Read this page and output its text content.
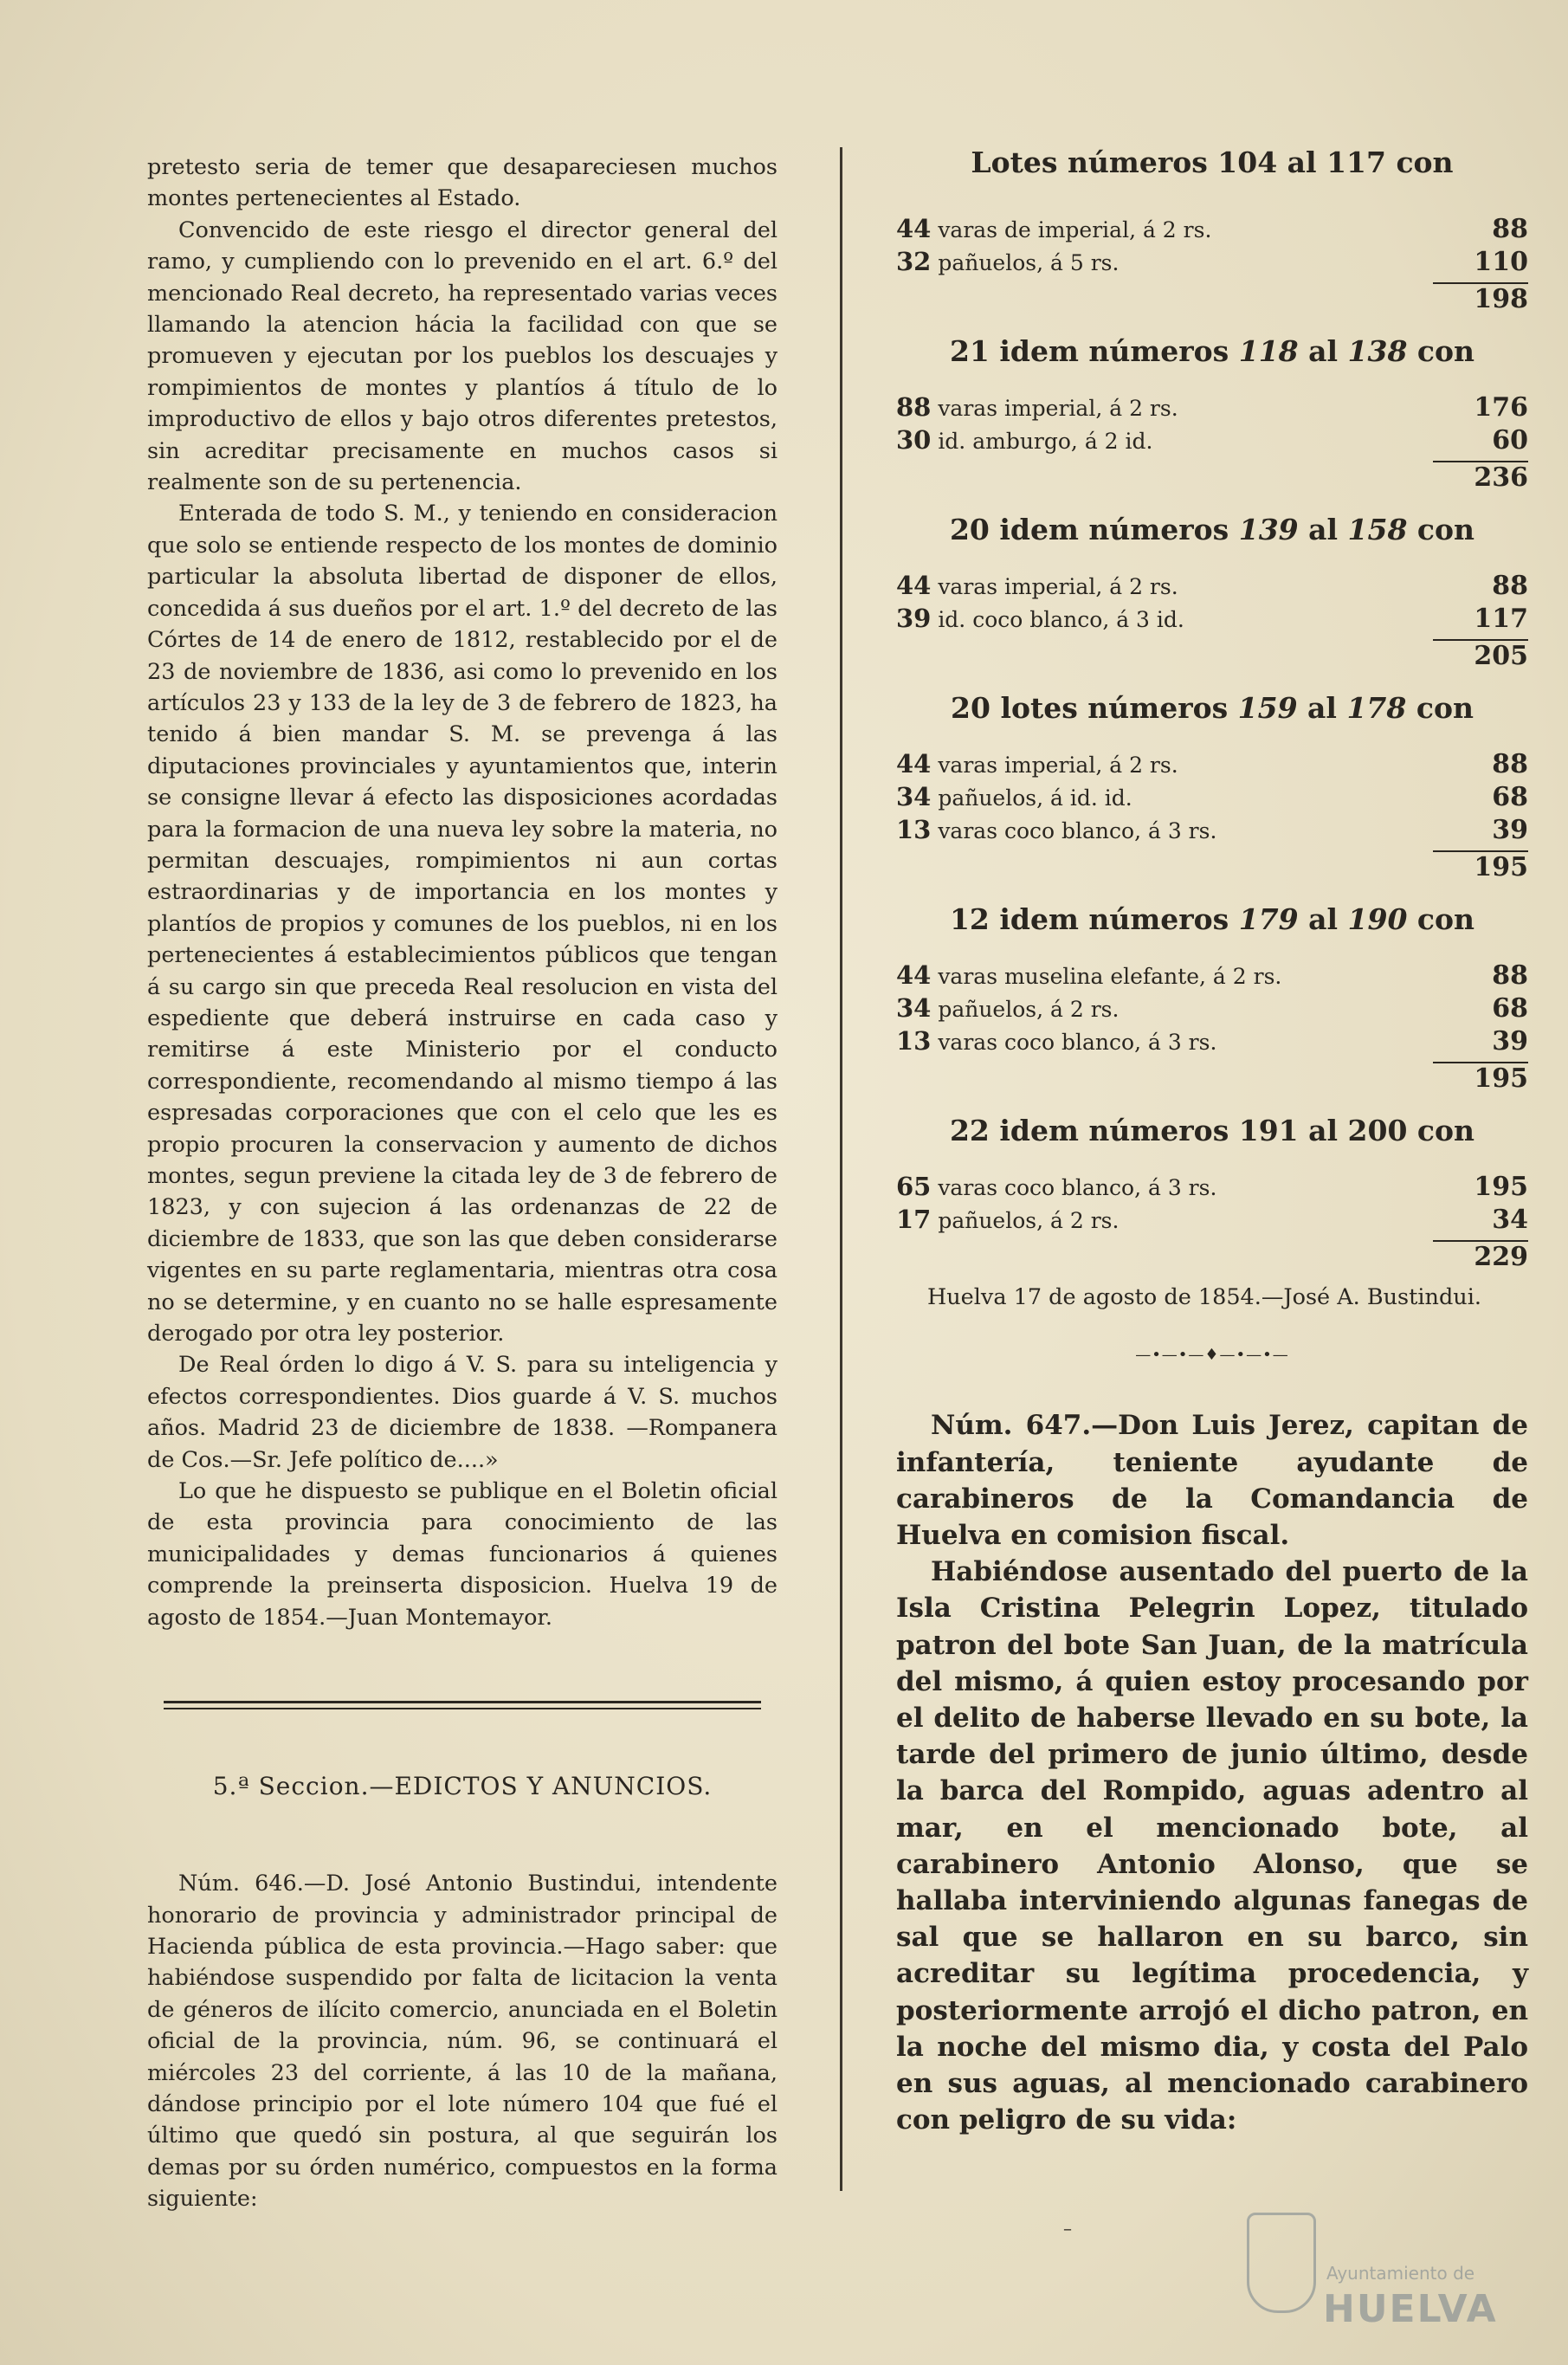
pretesto seria de temer que desapareciesen muchos montes pertenecientes al Estado.

Convencido de este riesgo el director general del ramo, y cumpliendo con lo prevenido en el art. 6.º del mencionado Real decreto, ha representado varias veces llamando la atencion hácia la facilidad con que se promueven y ejecutan por los pueblos los descuajes y rompimientos de montes y plantíos á título de lo improductivo de ellos y bajo otros diferentes pretestos, sin acreditar precisamente en muchos casos si realmente son de su pertenencia.

Enterada de todo S. M., y teniendo en consideracion que solo se entiende respecto de los montes de dominio particular la absoluta libertad de disponer de ellos, concedida á sus dueños por el art. 1.º del decreto de las Córtes de 14 de enero de 1812, restablecido por el de 23 de noviembre de 1836, asi como lo prevenido en los artículos 23 y 133 de la ley de 3 de febrero de 1823, ha tenido á bien mandar S. M. se prevenga á las diputaciones provinciales y ayuntamientos que, interin se consigne llevar á efecto las disposiciones acordadas para la formacion de una nueva ley sobre la materia, no permitan descuajes, rompimientos ni aun cortas estraordinarias y de importancia en los montes y plantíos de propios y comunes de los pueblos, ni en los pertenecientes á establecimientos públicos que tengan á su cargo sin que preceda Real resolucion en vista del espediente que deberá instruirse en cada caso y remitirse á este Ministerio por el conducto correspondiente, recomendando al mismo tiempo á las espresadas corporaciones que con el celo que les es propio procuren la conservacion y aumento de dichos montes, segun previene la citada ley de 3 de febrero de 1823, y con sujecion á las ordenanzas de 22 de diciembre de 1833, que son las que deben considerarse vigentes en su parte reglamentaria, mientras otra cosa no se determine, y en cuanto no se halle espresamente derogado por otra ley posterior.

De Real órden lo digo á V. S. para su inteligencia y efectos correspondientes. Dios guarde á V. S. muchos años. Madrid 23 de diciembre de 1838. —Rompanera de Cos.—Sr. Jefe político de....»

Lo que he dispuesto se publique en el Boletin oficial de esta provincia para conocimiento de las municipalidades y demas funcionarios á quienes comprende la preinserta disposicion. Huelva 19 de agosto de 1854.—Juan Montemayor.

5.ª Seccion.—EDICTOS Y ANUNCIOS.

Núm. 646.—D. José Antonio Bustindui, intendente honorario de provincia y administrador principal de Hacienda pública de esta provincia.—Hago saber: que habiéndose suspendido por falta de licitacion la venta de géneros de ilícito comercio, anunciada en el Boletin oficial de la provincia, núm. 96, se continuará el miércoles 23 del corriente, á las 10 de la mañana, dándose principio por el lote número 104 que fué el último que quedó sin postura, al que seguirán los demas por su órden numérico, compuestos en la forma siguiente:

Lotes números 104 al 117 con
44 varas de imperial, á 2 rs.	88
32 pañuelos, á 5 rs.	110
198
21 idem números 118 al 138 con
88 varas imperial, á 2 rs.	176
30 id. amburgo, á 2 id.	60
236
20 idem números 139 al 158 con
44 varas imperial, á 2 rs.	88
39 id. coco blanco, á 3 id.	117
205
20 lotes números 159 al 178 con
44 varas imperial, á 2 rs.	88
34 pañuelos, á id. id.	68
13 varas coco blanco, á 3 rs.	39
195
12 idem números 179 al 190 con
44 varas muselina elefante, á 2 rs.	88
34 pañuelos, á 2 rs.	68
13 varas coco blanco, á 3 rs.	39
195
22 idem números 191 al 200 con
65 varas coco blanco, á 3 rs.	195
17 pañuelos, á 2 rs.	34
229

Huelva 17 de agosto de 1854.—José A. Bustindui.

—•—•—♦—•—•—

Núm. 647.—Don Luis Jerez, capitan de infantería, teniente ayudante de carabineros de la Comandancia de Huelva en comision fiscal.

Habiéndose ausentado del puerto de la Isla Cristina Pelegrin Lopez, titulado patron del bote San Juan, de la matrícula del mismo, á quien estoy procesando por el delito de haberse llevado en su bote, la tarde del primero de junio último, desde la barca del Rompido, aguas adentro al mar, en el mencionado bote, al carabinero Antonio Alonso, que se hallaba interviniendo algunas fanegas de sal que se hallaron en su barco, sin acreditar su legítima procedencia, y posteriormente arrojó el dicho patron, en la noche del mismo dia, y costa del Palo en sus aguas, al mencionado carabinero con peligro de su vida:

–
Ayuntamiento de
HUELVA
